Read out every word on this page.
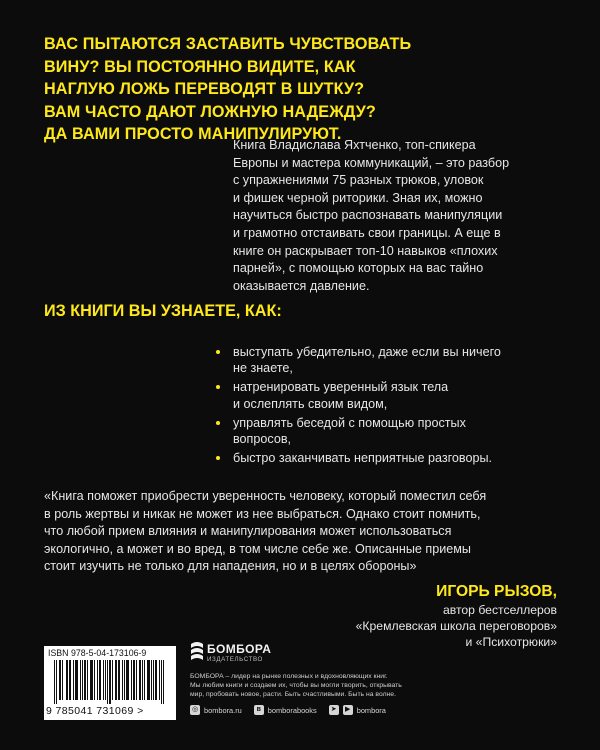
ВАС ПЫТАЮТСЯ ЗАСТАВИТЬ ЧУВСТВОВАТЬ
ВИНУ? ВЫ ПОСТОЯННО ВИДИТЕ, КАК
НАГЛУЮ ЛОЖЬ ПЕРЕВОДЯТ В ШУТКУ?
ВАМ ЧАСТО ДАЮТ ЛОЖНУЮ НАДЕЖДУ?
ДА ВАМИ ПРОСТО МАНИПУЛИРУЮТ.
Книга Владислава Яхтченко, топ-спикера
Европы и мастера коммуникаций, – это разбор
с упражнениями 75 разных трюков, уловок
и фишек черной риторики. Зная их, можно
научиться быстро распознавать манипуляции
и грамотно отстаивать свои границы. А еще в
книге он раскрывает топ-10 навыков «плохих
парней», с помощью которых на вас тайно
оказывается давление.
ИЗ КНИГИ ВЫ УЗНАЕТЕ, КАК:
выступать убедительно, даже если вы ничего
не знаете,
натренировать уверенный язык тела
и ослеплять своим видом,
управлять беседой с помощью простых
вопросов,
быстро заканчивать неприятные разговоры.
«Книга поможет приобрести уверенность человеку, который поместил себя
в роль жертвы и никак не может из нее выбраться. Однако стоит помнить,
что любой прием влияния и манипулирования может использоваться
экологично, а может и во вред, в том числе себе же. Описанные приемы
стоит изучить не только для нападения, но и в целях обороны»
ИГОРЬ РЫЗОВ,
автор бестселлеров
«Кремлевская школа переговоров»
и «Психотрюки»
ISBN 978-5-04-173106-9
9 785041 731069 >
БОМБОРА
ИЗДАТЕЛЬСТВО
БОМБОРА – лидер на рынке полезных и вдохновляющих книг.
Мы любим книги и создаем их, чтобы вы могли творить, открывать
мир, пробовать новое, расти. Быть счастливыми. Быть на волне.
◎ bombora.ru	в bomborabooks ➤	▶ bombora
